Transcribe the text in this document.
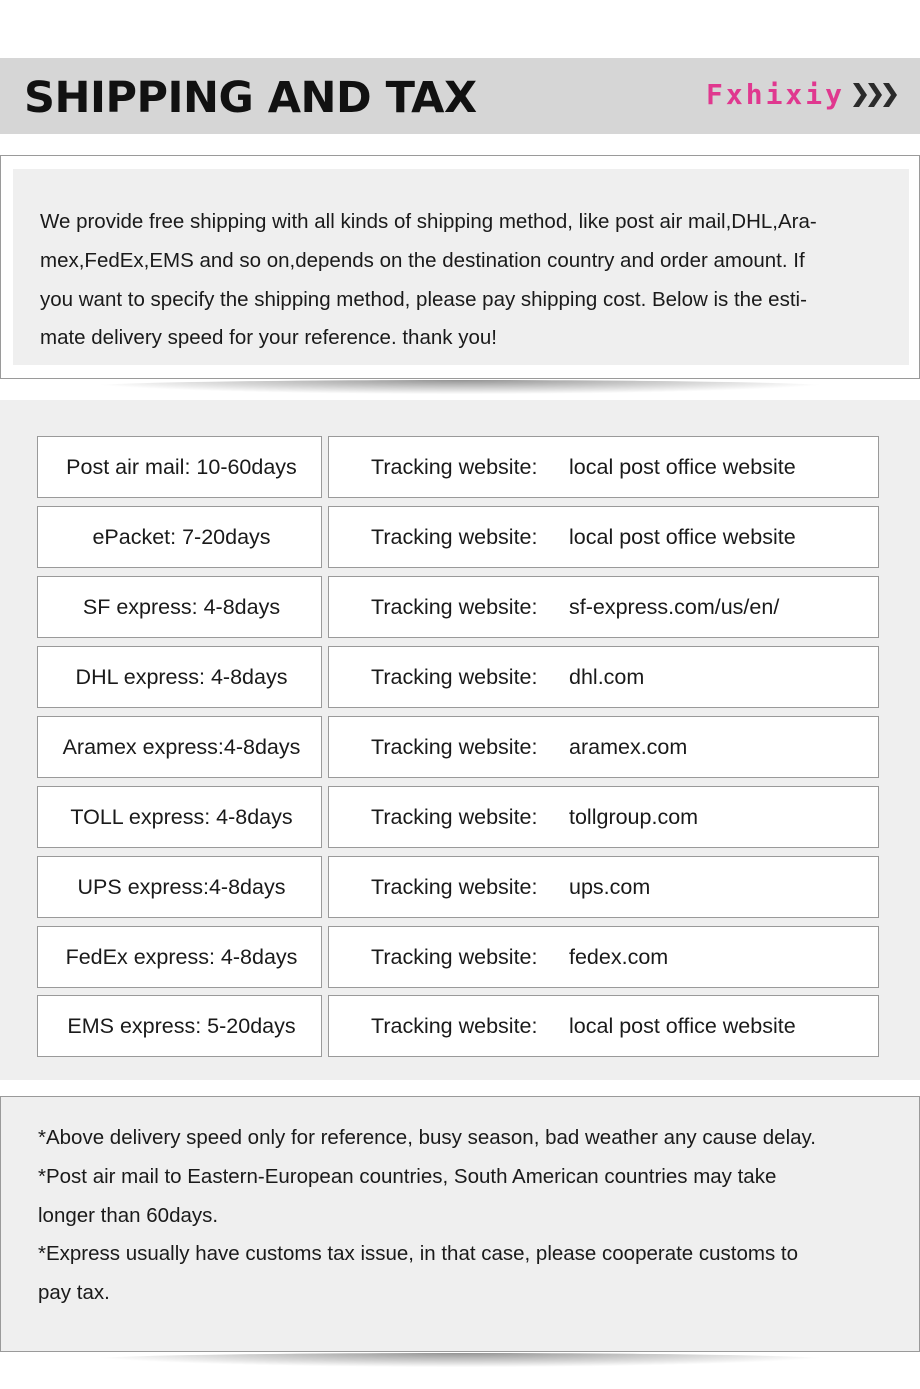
SHIPPING AND TAX	Fxhixiy
We provide free shipping with all kinds of shipping method, like post air mail,DHL,Ara-
mex,FedEx,EMS and so on,depends on the destination country and order amount. If
you want to specify the shipping method, please pay shipping cost. Below is the esti-
mate delivery speed for your reference. thank you!
Post air mail: 10-60days	Tracking website: local post office website
ePacket: 7-20days	Tracking website: local post office website
SF express: 4-8days	Tracking website: sf-express.com/us/en/
DHL express: 4-8days	Tracking website: dhl.com
Aramex express:4-8days	Tracking website: aramex.com
TOLL express: 4-8days	Tracking website: tollgroup.com
UPS express:4-8days	Tracking website: ups.com
FedEx express: 4-8days	Tracking website: fedex.com
EMS express: 5-20days	Tracking website: local post office website
*Above delivery speed only for reference, busy season, bad weather any cause delay.
*Post air mail to Eastern-European countries, South American countries may take
longer than 60days.
*Express usually have customs tax issue, in that case, please cooperate customs to
pay tax.
